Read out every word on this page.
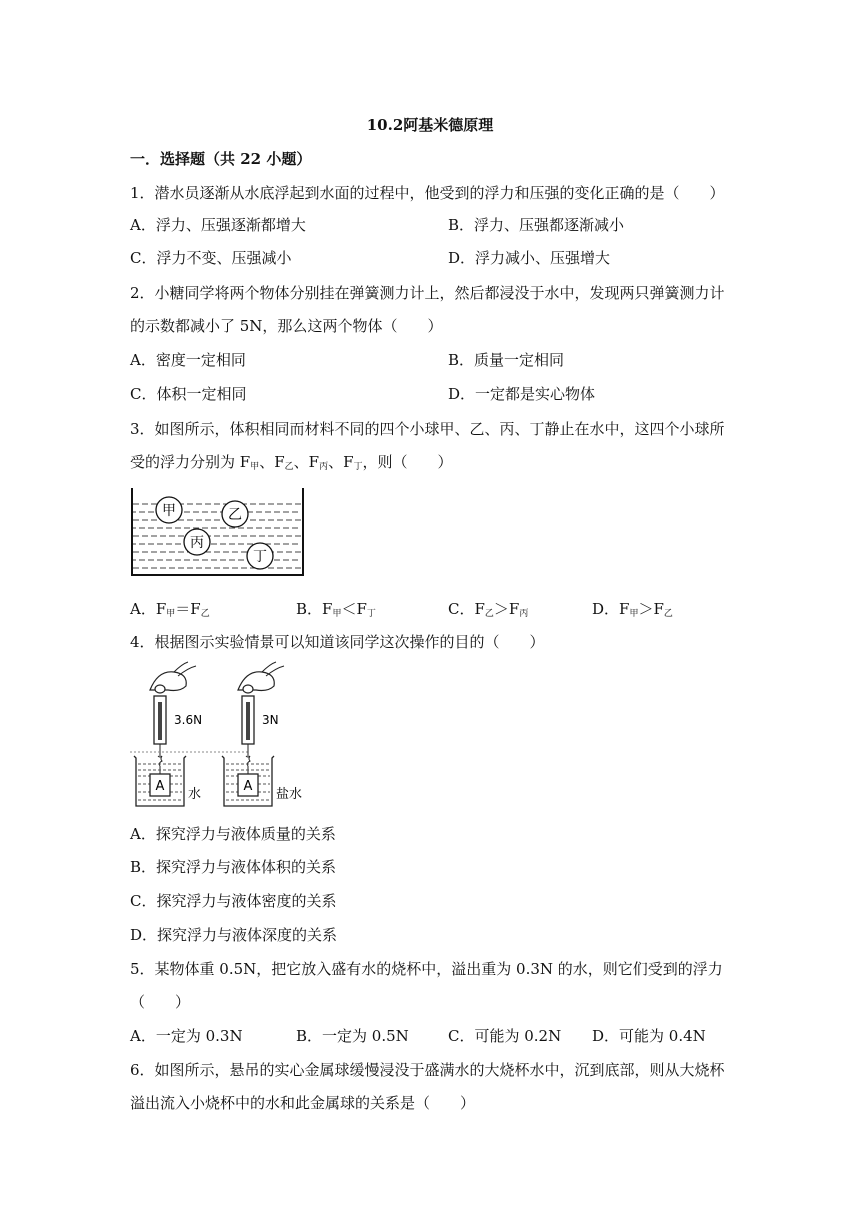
10.2阿基米德原理
一．选择题（共 22 小题）
1．潜水员逐渐从水底浮起到水面的过程中，他受到的浮力和压强的变化正确的是（　　）
A．浮力、压强逐渐都增大	B．浮力、压强都逐渐减小
C．浮力不变、压强减小	D．浮力减小、压强增大
2．小糖同学将两个物体分别挂在弹簧测力计上，然后都浸没于水中，发现两只弹簧测力计
的示数都减小了 5N，那么这两个物体（　　）
A．密度一定相同	B．质量一定相同
C．体积一定相同	D．一定都是实心物体
3．如图所示，体积相同而材料不同的四个小球甲、乙、丙、丁静止在水中，这四个小球所
受的浮力分别为 $F_甲$、$F_乙$、$F_丙$、$F_丁$，则（　　）
甲	乙
丙
丁
A．$F_甲=F_乙$	B．$F_甲<F_丁$	C．$F_乙>F_丙$	D．$F_甲>F_乙$
4．根据图示实验情景可以知道该同学这次操作的目的（　　）
3.6N
A
水
3N
A
盐水
A．探究浮力与液体质量的关系
B．探究浮力与液体体积的关系
C．探究浮力与液体密度的关系
D．探究浮力与液体深度的关系
5．某物体重 0.5N，把它放入盛有水的烧杯中，溢出重为 0.3N 的水，则它们受到的浮力
（　　）
A．一定为 0.3N	B．一定为 0.5N	C．可能为 0.2N D．可能为 0.4N
6．如图所示，悬吊的实心金属球缓慢浸没于盛满水的大烧杯水中，沉到底部，则从大烧杯
溢出流入小烧杯中的水和此金属球的关系是（　　）
